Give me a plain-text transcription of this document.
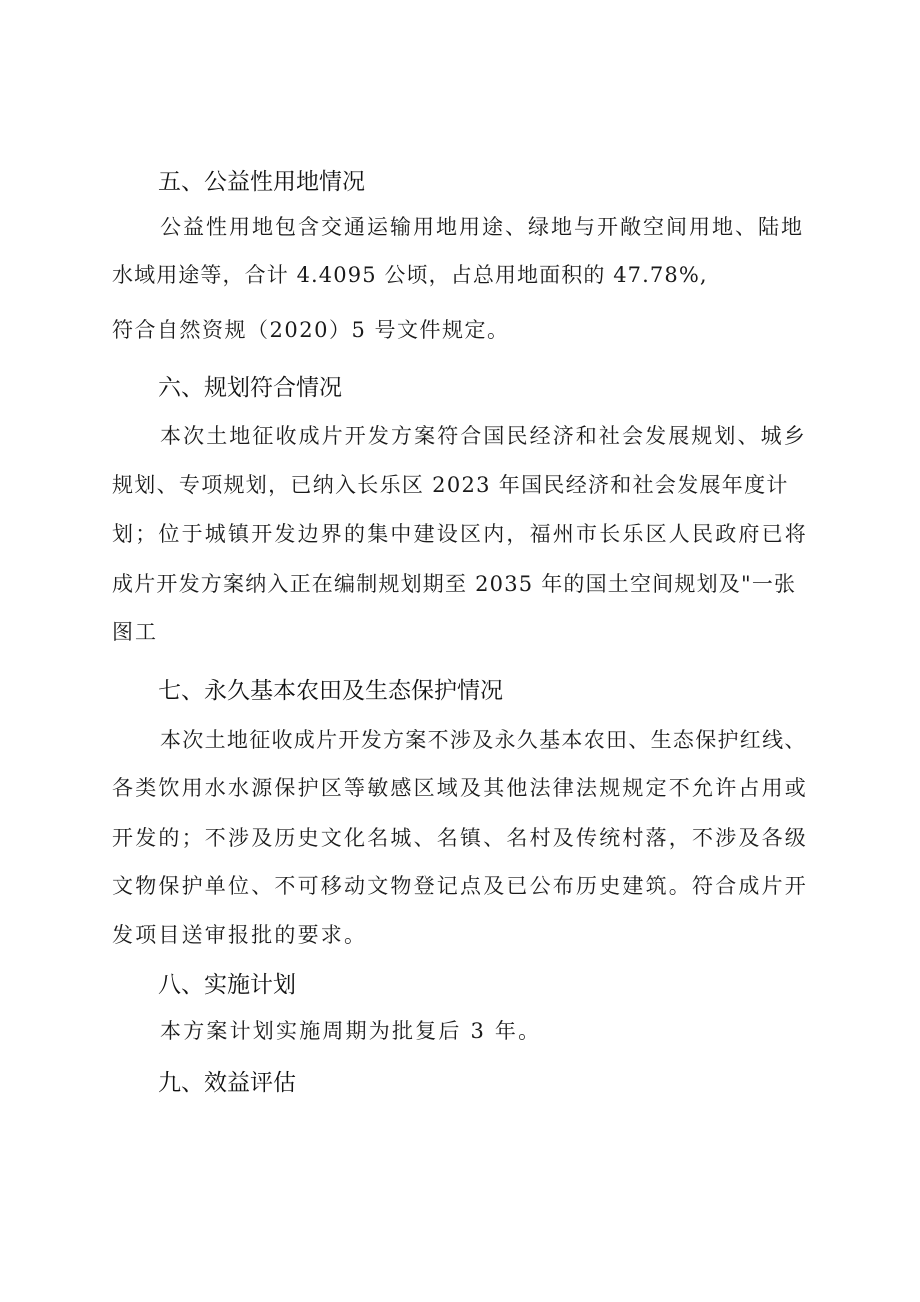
五、公益性用地情况
公益性用地包含交通运输用地用途、绿地与开敞空间用地、陆地
水域用途等，合计 4.4095 公顷，占总用地面积的 47.78%,
符合自然资规（2020）5 号文件规定。
六、规划符合情况
本次土地征收成片开发方案符合国民经济和社会发展规划、城乡
规划、专项规划，已纳入长乐区 2023 年国民经济和社会发展年度计
划；位于城镇开发边界的集中建设区内，福州市长乐区人民政府已将
成片开发方案纳入正在编制规划期至 2035 年的国土空间规划及"一张
图工
七、永久基本农田及生态保护情况
本次土地征收成片开发方案不涉及永久基本农田、生态保护红线、
各类饮用水水源保护区等敏感区域及其他法律法规规定不允许占用或
开发的；不涉及历史文化名城、名镇、名村及传统村落，不涉及各级
文物保护单位、不可移动文物登记点及已公布历史建筑。符合成片开
发项目送审报批的要求。
八、实施计划
本方案计划实施周期为批复后 3 年。
九、效益评估
